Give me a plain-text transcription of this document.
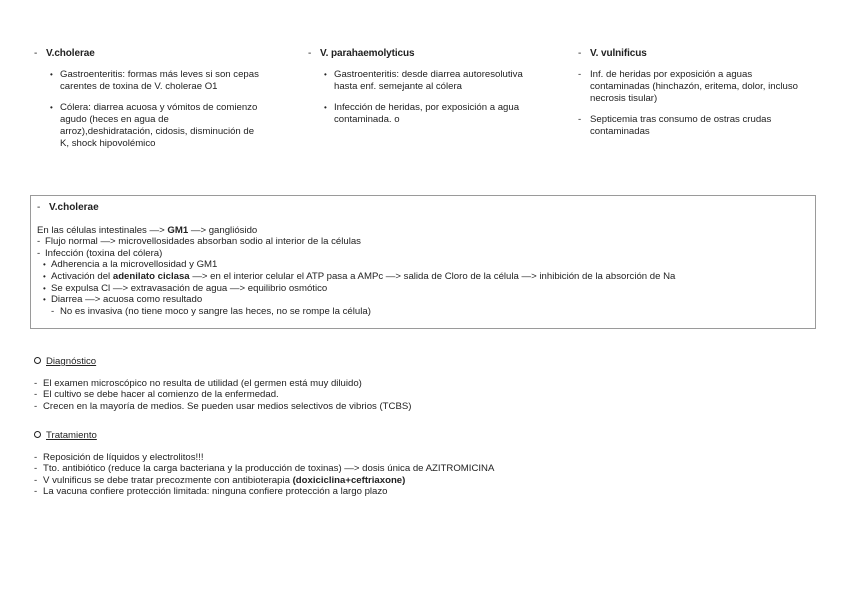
- V.cholerae
• Gastroenteritis: formas más leves si son cepas carentes de toxina de V. cholerae O1
• Cólera: diarrea acuosa y vómitos de comienzo agudo (heces en agua de arroz),deshidratación, cidosis, disminución de K, shock hipovolémico
- V. parahaemolyticus
• Gastroenteritis: desde diarrea autoresolutiva hasta enf. semejante al cólera
• Infección de heridas, por exposición a agua contaminada. o
- V. vulnificus
- Inf. de heridas por exposición a aguas contaminadas (hinchazón, eritema, dolor, incluso necrosis tisular)
- Septicemia tras consumo de ostras crudas contaminadas
- V.cholerae
En las células intestinales —> GM1 —> gangliósido
- Flujo normal —> microvellosidades absorban sodio al interior de la células
- Infección (toxina del cólera)
• Adherencia a la microvellosidad y GM1
• Activación del adenilato ciclasa —> en el interior celular el ATP pasa a AMPc —> salida de Cloro de la célula —> inhibición de la absorción de Na
• Se expulsa Cl —> extravasación de agua —> equilibrio osmótico
• Diarrea —> acuosa como resultado
- No es invasiva (no tiene moco y sangre las heces, no se rompe la célula)
Diagnóstico
- El examen microscópico no resulta de utilidad (el germen está muy diluido)
- El cultivo se debe hacer al comienzo de la enfermedad.
- Crecen en la mayoría de medios. Se pueden usar medios selectivos de vibrios (TCBS)
Tratamiento
- Reposición de líquidos y electrolitos!!!
- Tto. antibiótico (reduce la carga bacteriana y la producción de toxinas) —> dosis única de AZITROMICINA
- V vulnificus se debe tratar precozmente con antibioterapia (doxiciclina+ceftriaxone)
- La vacuna confiere protección limitada: ninguna confiere protección a largo plazo
